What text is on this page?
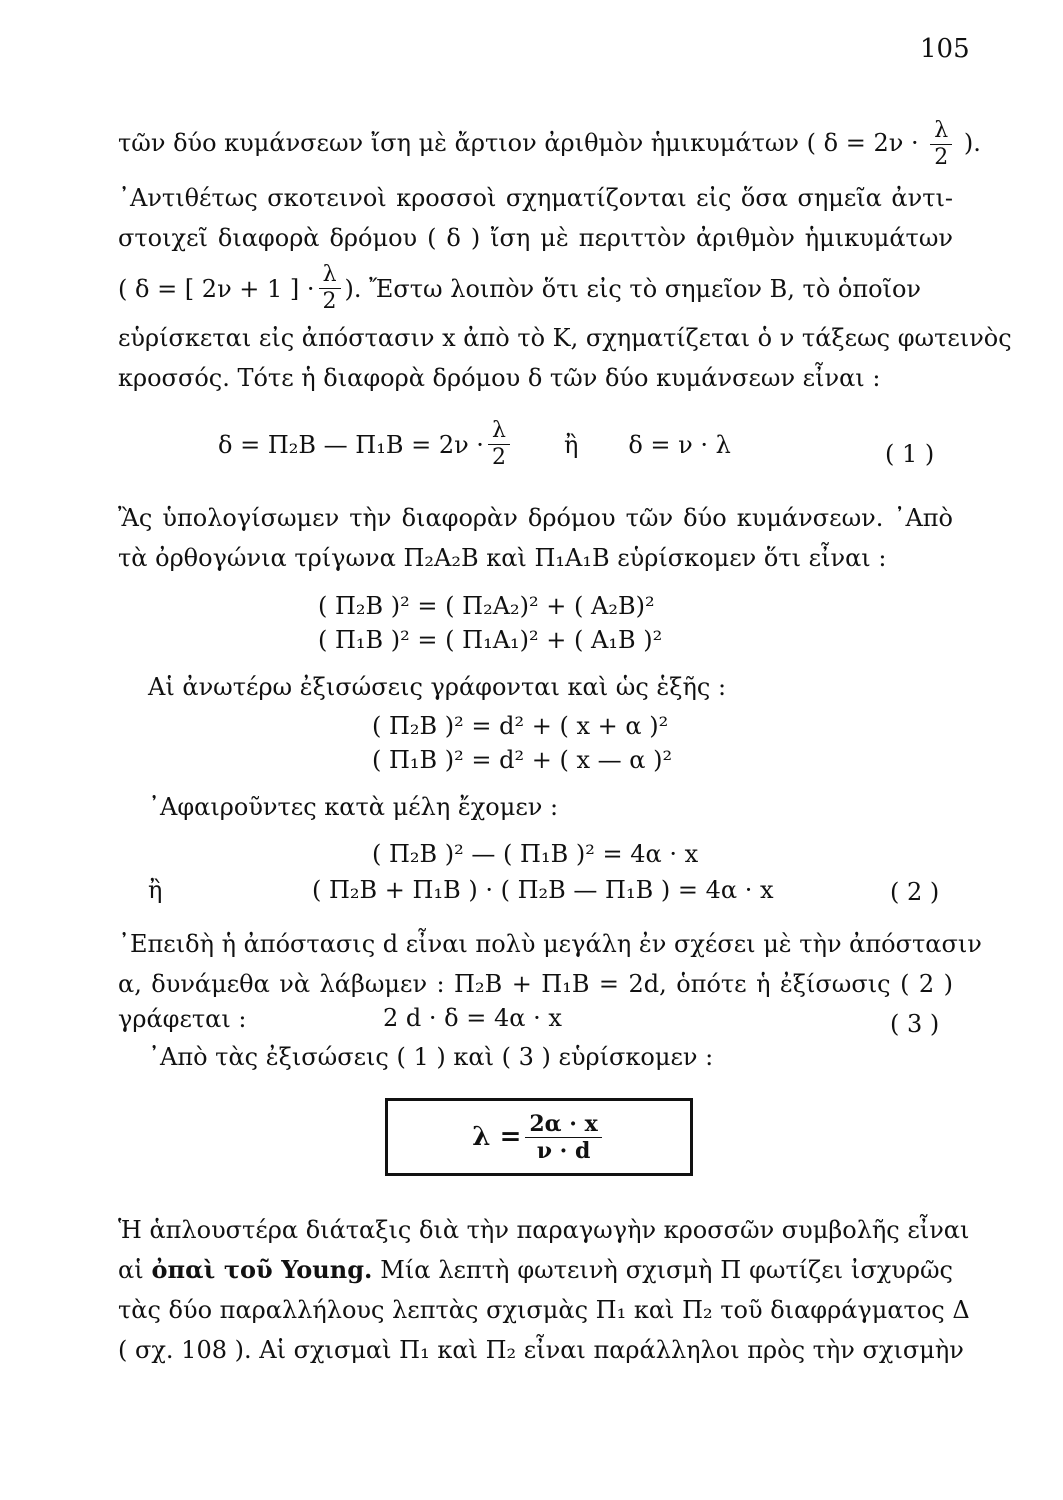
105
τῶν δύο κυμάνσεων ἴση μὲ ἄρτιον ἀριθμὸν ἡμικυμάτων ( $\delta = 2\nu \cdot \frac{\lambda}{2}$ ).
᾿Αντιθέτως σκοτεινοὶ κροσσοὶ σχηματίζονται εἰς ὅσα σημεῖα ἀντι-
στοιχεῖ διαφορὰ δρόμου ( δ ) ἴση μὲ περιττὸν ἀριθμὸν ἡμικυμάτων
( δ = [ 2ν + 1 ] · $\frac{\lambda}{2}$ ). Ἔστω λοιπὸν ὅτι εἰς τὸ σημεῖον Β, τὸ ὁποῖον
εὑρίσκεται εἰς ἀπόστασιν x ἀπὸ τὸ Κ, σχηματίζεται ὁ ν τάξεως φωτεινὸς
κροσσός. Τότε ἡ διαφορὰ δρόμου δ τῶν δύο κυμάνσεων εἶναι :
δ = Π₂Β — $\Pi_1B = 2\nu \cdot \frac{\lambda}{2}$ ἢ δ = ν · λ	( 1 )
Ἂς ὑπολογίσωμεν τὴν διαφορὰν δρόμου τῶν δύο κυμάνσεων. ᾿Απὸ
τὰ ὀρθογώνια τρίγωνα Π₂Α₂Β καὶ Π₁Α₁Β εὑρίσκομεν ὅτι εἶναι :
( Π₂Β )² = ( Π₂Α₂)² + ( Α₂Β)²
( Π₁Β )² = ( Π₁Α₁)² + ( Α₁Β )²
Αἱ ἀνωτέρω ἐξισώσεις γράφονται καὶ ὡς ἑξῆς :
( Π₂Β )² = d² + ( x + α )²
( Π₁Β )² = d² + ( x — α )²
᾿Αφαιροῦντες κατὰ μέλη ἔχομεν :
( Π₂Β )² — ( Π₁Β )² = 4α · x
ἢ	( Π₂Β + Π₁Β ) · ( Π₂Β — Π₁Β ) = 4α · x	( 2 )
᾿Επειδὴ ἡ ἀπόστασις d εἶναι πολὺ μεγάλη ἐν σχέσει μὲ τὴν ἀπόστασιν
α, δυνάμεθα νὰ λάβωμεν : Π₂Β + Π₁Β = 2d, ὁπότε ἡ ἐξίσωσις ( 2 )
γράφεται :	2 d · δ = 4α · x	( 3 )
᾿Απὸ τὰς ἐξισώσεις ( 1 ) καὶ ( 3 ) εὑρίσκομεν :
$\lambda = \frac{2\alpha \cdot x}{\nu \cdot d}$
Ἡ ἁπλουστέρα διάταξις διὰ τὴν παραγωγὴν κροσσῶν συμβολῆς εἶναι
αἱ ὀπαὶ τοῦ Young. Μία λεπτὴ φωτεινὴ σχισμὴ Π φωτίζει ἰσχυρῶς
τὰς δύο παραλλήλους λεπτὰς σχισμὰς Π₁ καὶ Π₂ τοῦ διαφράγματος Δ
( σχ. 108 ). Αἱ σχισμαὶ Π₁ καὶ Π₂ εἶναι παράλληλοι πρὸς τὴν σχισμὴν
